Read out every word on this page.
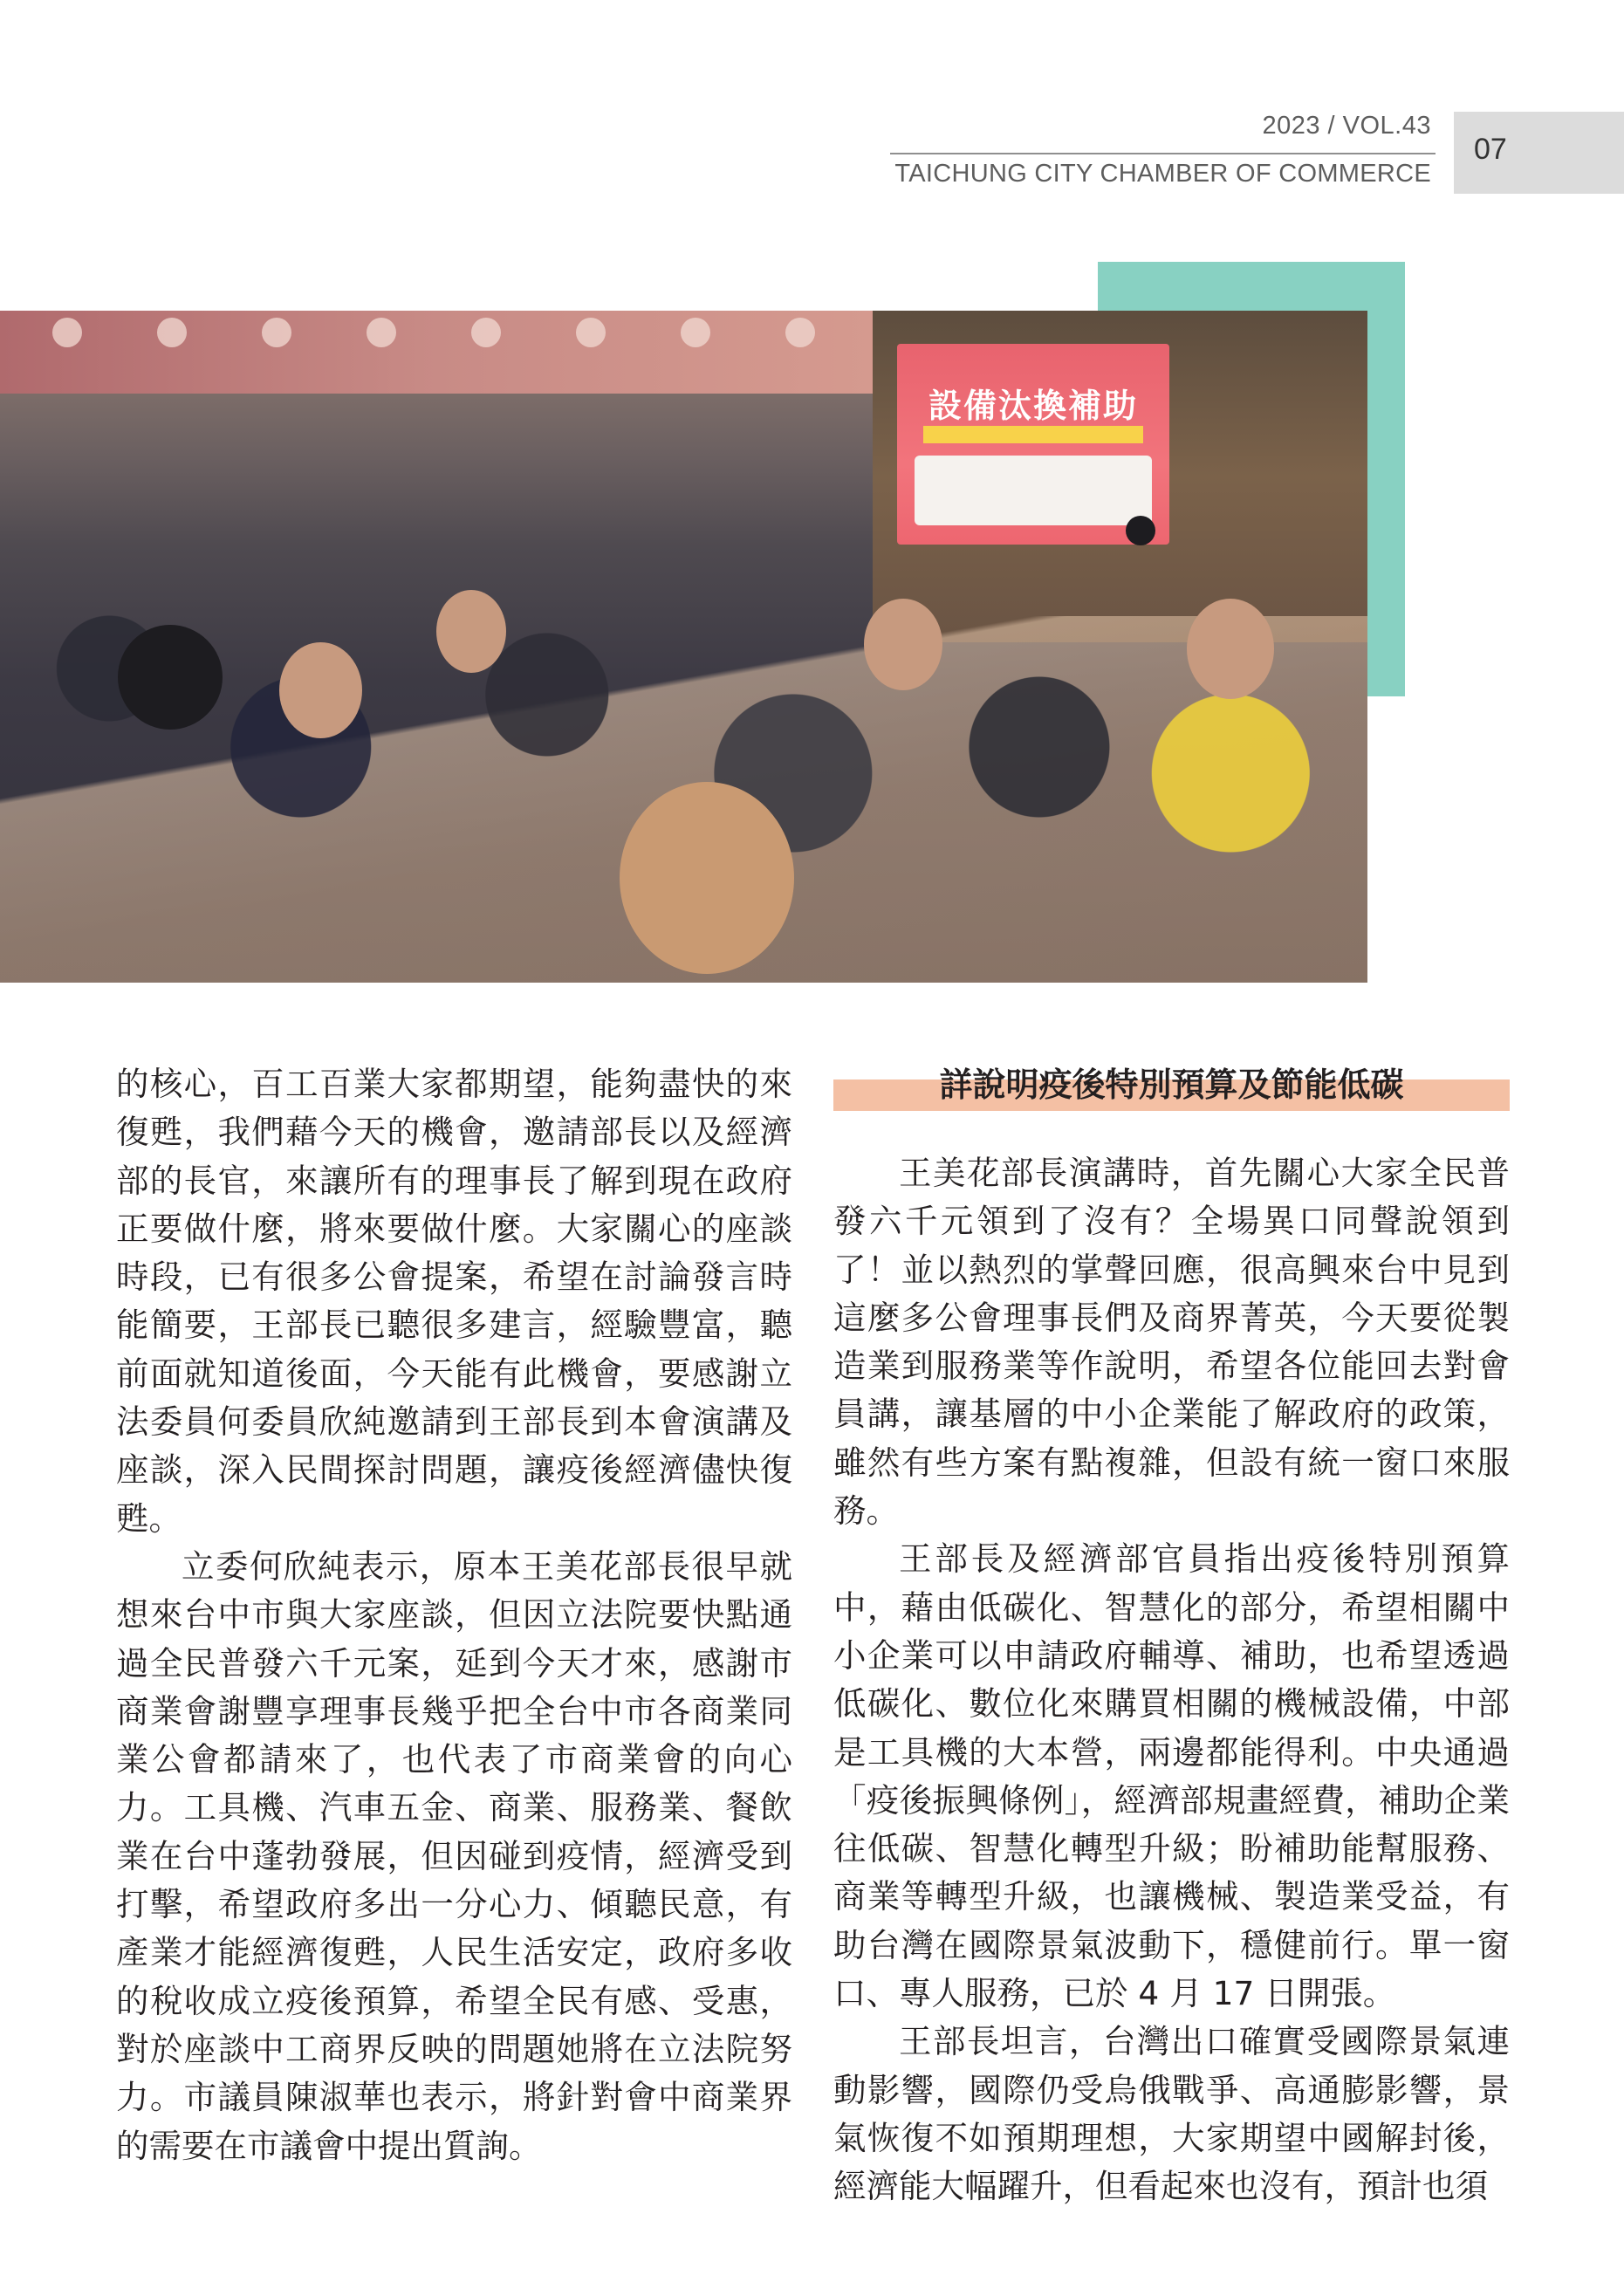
2023 / VOL.43
TAICHUNG CITY CHAMBER OF COMMERCE
07
設備汰換補助

的核心，百工百業大家都期望，能夠盡快的來復甦，我們藉今天的機會，邀請部長以及經濟部的長官，來讓所有的理事長了解到現在政府正要做什麼，將來要做什麼。大家關心的座談時段，已有很多公會提案，希望在討論發言時能簡要，王部長已聽很多建言，經驗豐富，聽前面就知道後面，今天能有此機會，要感謝立法委員何委員欣純邀請到王部長到本會演講及座談，深入民間探討問題，讓疫後經濟儘快復甦。

立委何欣純表示，原本王美花部長很早就想來台中市與大家座談，但因立法院要快點通過全民普發六千元案，延到今天才來，感謝市商業會謝豐享理事長幾乎把全台中市各商業同業公會都請來了，也代表了市商業會的向心力。工具機、汽車五金、商業、服務業、餐飲業在台中蓬勃發展，但因碰到疫情，經濟受到打擊，希望政府多出一分心力、傾聽民意，有產業才能經濟復甦，人民生活安定，政府多收的稅收成立疫後預算，希望全民有感、受惠，對於座談中工商界反映的問題她將在立法院努力。市議員陳淑華也表示，將針對會中商業界的需要在市議會中提出質詢。

詳說明疫後特別預算及節能低碳

王美花部長演講時，首先關心大家全民普發六千元領到了沒有？全場異口同聲說領到了！並以熱烈的掌聲回應，很高興來台中見到這麼多公會理事長們及商界菁英，今天要從製造業到服務業等作說明，希望各位能回去對會員講，讓基層的中小企業能了解政府的政策，雖然有些方案有點複雜，但設有統一窗口來服務。

王部長及經濟部官員指出疫後特別預算中，藉由低碳化、智慧化的部分，希望相關中小企業可以申請政府輔導、補助，也希望透過低碳化、數位化來購買相關的機械設備，中部是工具機的大本營，兩邊都能得利。中央通過「疫後振興條例」，經濟部規畫經費，補助企業往低碳、智慧化轉型升級；盼補助能幫服務、商業等轉型升級，也讓機械、製造業受益，有助台灣在國際景氣波動下，穩健前行。單一窗口、專人服務，已於 4 月 17 日開張。

王部長坦言，台灣出口確實受國際景氣連動影響，國際仍受烏俄戰爭、高通膨影響，景氣恢復不如預期理想，大家期望中國解封後，經濟能大幅躍升，但看起來也沒有，預計也須
